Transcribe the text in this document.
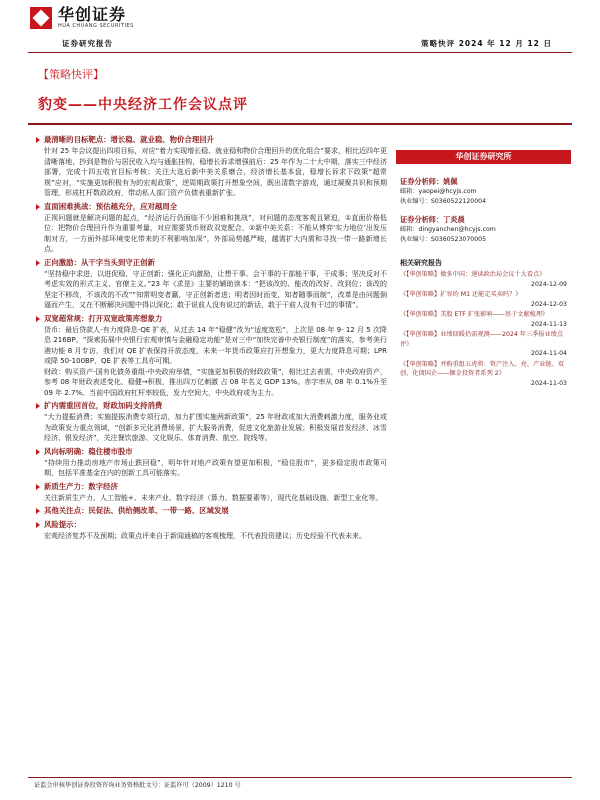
华创证券
HUA CHUANG SECURITIES
证券研究报告	策略快评 2024 年 12 月 12 日
【策略快评】
豹变——中央经济工作会议点评
最清晰的目标靶点：增长稳、就业稳、物价合理回升
针对 25 年会议提出四项目标，对应“着力实现增长稳、就业稳和物价合理回升的优化组合”要求，相比近四年更清晰落地，抄到是物价与居民收入均与通胀挂钩，稳增长诉求增强前后：25 年作为二十大中期，落实三中经济部署，完成十四五收官目标考核；关注大选后新中美关系磨合，经济增长基本盘，稳增长诉求下政策“超常规”应对，“实施更加积极有为的宏观政策”，逆周期政策打开想象空间，既出清数字游戏，通过凝聚共识和预期管理，形成杠杆数政政府，带动私人部门资产负债表重新扩张。
直面困难挑战：预估越充分，应对越周全
正视问题就是解决问题的起点，“经济运行仍面临不少困难和挑战”，对问题的态度客观且紧迫，①直面价格低位：把物价合理回升作为重要考量，对应需要货币财政双宽配合，②新中美关系：不能从博弈‘实力地位’出发压制对方，一方面外部环境变化带来的不利影响加深”，外部局势越严峻，越需扩大内需和寻找一带一路新增长点。
正向激励：从干字当头到守正创新
“坚持稳中求进，以进促稳，守正创新；强化正向激励，让想干事、会干事的干部能干事，干成事；坚决反对不考虑实效的形式主义、官僚主义。”23 年《求是》主要的辅助读本：“把该改的、能改的改好、改到位；该改的坚定不移改，不该改的不改”“知常明变者赢，守正创新者进；明者因时而变，知者随事而制”，改革是由问题倒逼而产生，又在不断解决问题中得以深化；敢于说前人没有说过的新话，敢于干前人没有干过的事情”。
双宽超常规：打开双宽政策库想象力
货币：最后贷款人-有力度降息-QE 扩表，从过去 14 年“稳健”改为“适度宽松”，上次是 08 年 9- 12 月 5 次降息 216BP。“探索拓展中央银行宏观审慎与金融稳定功能”是对三中“加快完善中央银行制度”的落实，参考美行港功能 8 月专访，我们对 QE 扩表保持开放态度，未来一年货币政策应打开想象力，更大力度降息可期；LPR 或降 50-100BP，QE 扩表等工具亦可期。
财政：购买资产-国有化债务重组-中央政府举债，“实施更加积极的财政政策”，相比过去表需，中央政府资产，参考 08 年财政表述变化，稳健→积极，推出四万亿刺激 占 08 年名义 GDP 13%。赤字率从 08 年 0.1%升至 09 年 2.7%。当前中国政府杠杆率较低，发力空间大，中央政府或为主力。
扩内需重回首位，财政加码支持消费
“大力提振消费；实施提振消费专项行动，加力扩围实施两新政策”，25 年财政或加大消费刺激力度，服务业或为政策发力重点领域，“创新多元化消费场景，扩大服务消费，促进文化旅游业发展；积极发展首发经济、冰雪经济、银发经济”，关注餐饮旅游、文化娱乐、体育消费、航空、院线等。
风向标明确：稳住楼市股市
“持续用力推动房地产市场止跌回稳”，明年针对地产政策有望更加积极，“稳住股市”，更多稳定股市政策可期，包括平准基金在内的创新工具可能落实。
新质生产力：数字经济
关注新质生产力、人工智能+、未来产业、数字经济（算力、数据要素等），现代化基础设施、新型工业化等。
其他关注点：民促法、供给侧改革、一带一路、区域发展
风险提示：
宏观经济复苏不及预期；政策点评来自于新闻通稿的客观梳理，不代表投资建议；历史经验不代表未来。
华创证券研究所
证券分析师：姚佩
邮箱：yaopei@hcyjs.com
执业编号：S0360522120004
证券分析师：丁炎晨
邮箱：dingyanchen@hcyjs.com
执业编号：S0360523070005
相关研究报告
《【华创策略】做多中国：递读政治局会议十大看点》
2024-12-09
《【华创策略】扩容的 M1 还能定买卖吗？》
2024-12-03
《【华创策略】美股 ETF 扩张影响——基于文献梳理》
2024-11-13
《【华创策略】业绩回暖仍需观测——2024 年三季报业绩点评》
2024-11-04
《【华创策略】并购重组五虎将：资产注入、亮、产业链、双创、化债国企——掘金投资者系列 2》
2024-11-03
证监会审核华创证券投资咨询业务资格批文号：证监许可（2009）1210 号
